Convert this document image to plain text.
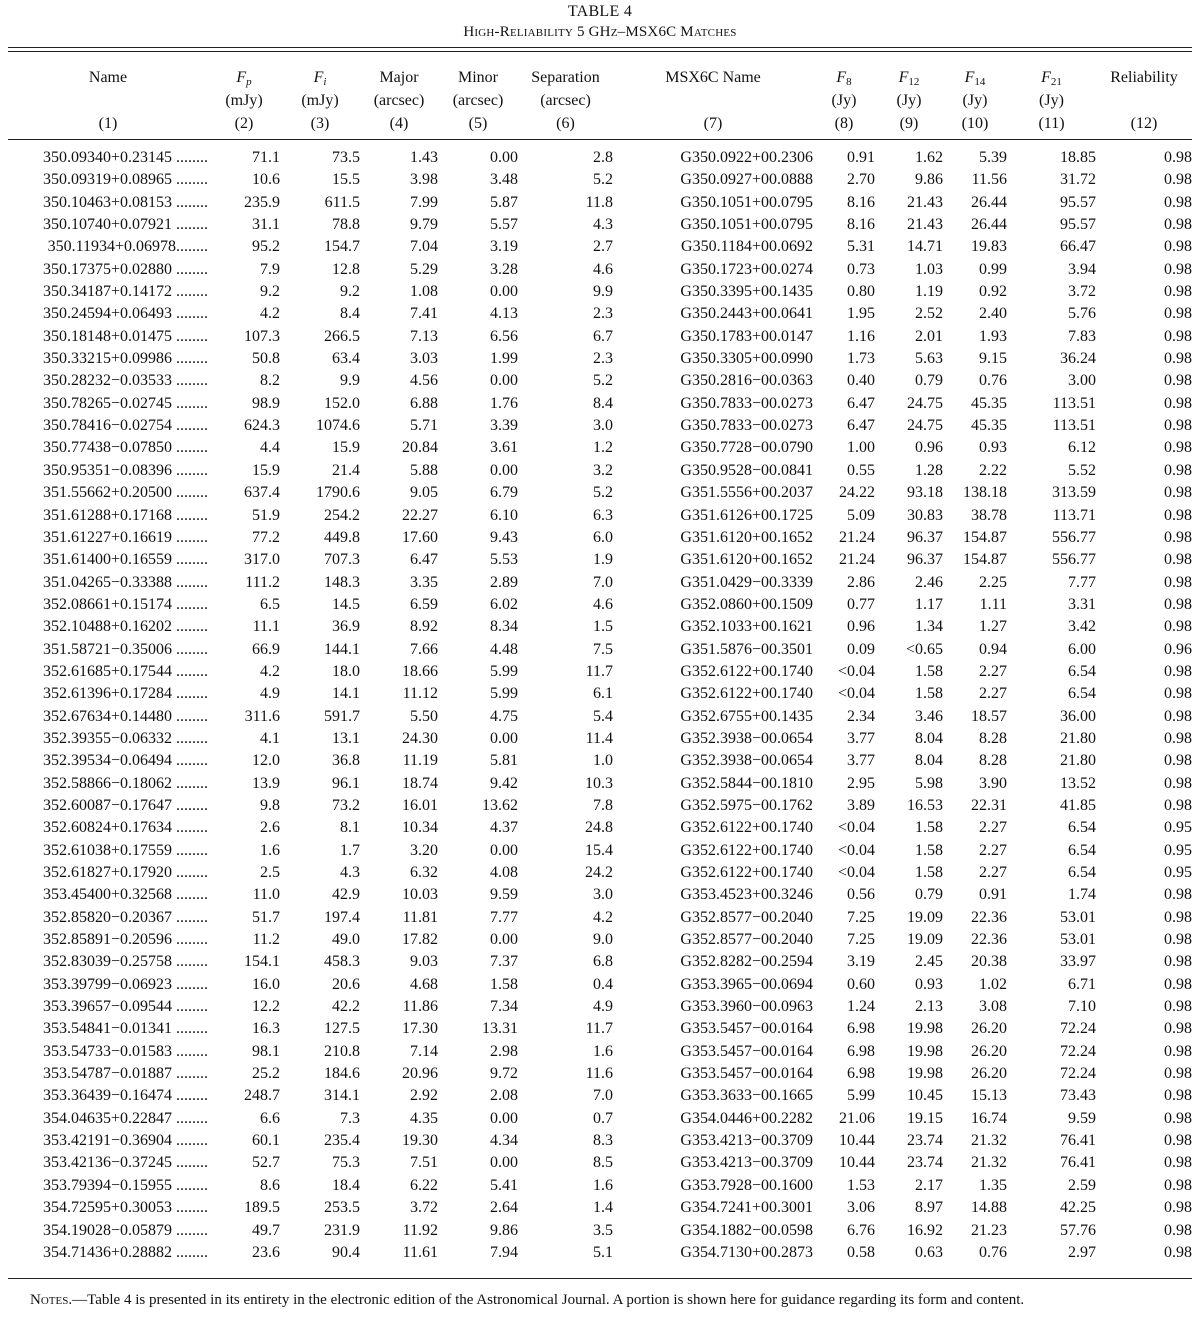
TABLE 4
High-Reliability 5 GHz–MSX6C Matches
Name	$F_p$	$F_i$	Major	Minor	Separation	MSX6C Name	$F_8$	$F_{12}$	$F_{14}$	$F_{21}$	Reliability
	(mJy)	(mJy)	(arcsec)	(arcsec)	(arcsec)		(Jy)	(Jy)	(Jy)	(Jy)	
(1)	(2)	(3)	(4)	(5)	(6)	(7)	(8)	(9)	(10)	(11)	(12)
350.09340+0.23145 ........	71.1	73.5	1.43	0.00	2.8	G350.0922+00.2306	0.91	1.62	5.39	18.85	0.98
350.09319+0.08965 ........	10.6	15.5	3.98	3.48	5.2	G350.0927+00.0888	2.70	9.86	11.56	31.72	0.98
350.10463+0.08153 ........	235.9	611.5	7.99	5.87	11.8	G350.1051+00.0795	8.16	21.43	26.44	95.57	0.98
350.10740+0.07921 ........	31.1	78.8	9.79	5.57	4.3	G350.1051+00.0795	8.16	21.43	26.44	95.57	0.98
350.11934+0.06978........	95.2	154.7	7.04	3.19	2.7	G350.1184+00.0692	5.31	14.71	19.83	66.47	0.98
350.17375+0.02880 ........	7.9	12.8	5.29	3.28	4.6	G350.1723+00.0274	0.73	1.03	0.99	3.94	0.98
350.34187+0.14172 ........	9.2	9.2	1.08	0.00	9.9	G350.3395+00.1435	0.80	1.19	0.92	3.72	0.98
350.24594+0.06493 ........	4.2	8.4	7.41	4.13	2.3	G350.2443+00.0641	1.95	2.52	2.40	5.76	0.98
350.18148+0.01475 ........	107.3	266.5	7.13	6.56	6.7	G350.1783+00.0147	1.16	2.01	1.93	7.83	0.98
350.33215+0.09986 ........	50.8	63.4	3.03	1.99	2.3	G350.3305+00.0990	1.73	5.63	9.15	36.24	0.98
350.28232−0.03533 ........	8.2	9.9	4.56	0.00	5.2	G350.2816−00.0363	0.40	0.79	0.76	3.00	0.98
350.78265−0.02745 ........	98.9	152.0	6.88	1.76	8.4	G350.7833−00.0273	6.47	24.75	45.35	113.51	0.98
350.78416−0.02754 ........	624.3	1074.6	5.71	3.39	3.0	G350.7833−00.0273	6.47	24.75	45.35	113.51	0.98
350.77438−0.07850 ........	4.4	15.9	20.84	3.61	1.2	G350.7728−00.0790	1.00	0.96	0.93	6.12	0.98
350.95351−0.08396 ........	15.9	21.4	5.88	0.00	3.2	G350.9528−00.0841	0.55	1.28	2.22	5.52	0.98
351.55662+0.20500 ........	637.4	1790.6	9.05	6.79	5.2	G351.5556+00.2037	24.22	93.18	138.18	313.59	0.98
351.61288+0.17168 ........	51.9	254.2	22.27	6.10	6.3	G351.6126+00.1725	5.09	30.83	38.78	113.71	0.98
351.61227+0.16619 ........	77.2	449.8	17.60	9.43	6.0	G351.6120+00.1652	21.24	96.37	154.87	556.77	0.98
351.61400+0.16559 ........	317.0	707.3	6.47	5.53	1.9	G351.6120+00.1652	21.24	96.37	154.87	556.77	0.98
351.04265−0.33388 ........	111.2	148.3	3.35	2.89	7.0	G351.0429−00.3339	2.86	2.46	2.25	7.77	0.98
352.08661+0.15174 ........	6.5	14.5	6.59	6.02	4.6	G352.0860+00.1509	0.77	1.17	1.11	3.31	0.98
352.10488+0.16202 ........	11.1	36.9	8.92	8.34	1.5	G352.1033+00.1621	0.96	1.34	1.27	3.42	0.98
351.58721−0.35006 ........	66.9	144.1	7.66	4.48	7.5	G351.5876−00.3501	0.09	<0.65	0.94	6.00	0.96
352.61685+0.17544 ........	4.2	18.0	18.66	5.99	11.7	G352.6122+00.1740	<0.04	1.58	2.27	6.54	0.98
352.61396+0.17284 ........	4.9	14.1	11.12	5.99	6.1	G352.6122+00.1740	<0.04	1.58	2.27	6.54	0.98
352.67634+0.14480 ........	311.6	591.7	5.50	4.75	5.4	G352.6755+00.1435	2.34	3.46	18.57	36.00	0.98
352.39355−0.06332 ........	4.1	13.1	24.30	0.00	11.4	G352.3938−00.0654	3.77	8.04	8.28	21.80	0.98
352.39534−0.06494 ........	12.0	36.8	11.19	5.81	1.0	G352.3938−00.0654	3.77	8.04	8.28	21.80	0.98
352.58866−0.18062 ........	13.9	96.1	18.74	9.42	10.3	G352.5844−00.1810	2.95	5.98	3.90	13.52	0.98
352.60087−0.17647 ........	9.8	73.2	16.01	13.62	7.8	G352.5975−00.1762	3.89	16.53	22.31	41.85	0.98
352.60824+0.17634 ........	2.6	8.1	10.34	4.37	24.8	G352.6122+00.1740	<0.04	1.58	2.27	6.54	0.95
352.61038+0.17559 ........	1.6	1.7	3.20	0.00	15.4	G352.6122+00.1740	<0.04	1.58	2.27	6.54	0.95
352.61827+0.17920 ........	2.5	4.3	6.32	4.08	24.2	G352.6122+00.1740	<0.04	1.58	2.27	6.54	0.95
353.45400+0.32568 ........	11.0	42.9	10.03	9.59	3.0	G353.4523+00.3246	0.56	0.79	0.91	1.74	0.98
352.85820−0.20367 ........	51.7	197.4	11.81	7.77	4.2	G352.8577−00.2040	7.25	19.09	22.36	53.01	0.98
352.85891−0.20596 ........	11.2	49.0	17.82	0.00	9.0	G352.8577−00.2040	7.25	19.09	22.36	53.01	0.98
352.83039−0.25758 ........	154.1	458.3	9.03	7.37	6.8	G352.8282−00.2594	3.19	2.45	20.38	33.97	0.98
353.39799−0.06923 ........	16.0	20.6	4.68	1.58	0.4	G353.3965−00.0694	0.60	0.93	1.02	6.71	0.98
353.39657−0.09544 ........	12.2	42.2	11.86	7.34	4.9	G353.3960−00.0963	1.24	2.13	3.08	7.10	0.98
353.54841−0.01341 ........	16.3	127.5	17.30	13.31	11.7	G353.5457−00.0164	6.98	19.98	26.20	72.24	0.98
353.54733−0.01583 ........	98.1	210.8	7.14	2.98	1.6	G353.5457−00.0164	6.98	19.98	26.20	72.24	0.98
353.54787−0.01887 ........	25.2	184.6	20.96	9.72	11.6	G353.5457−00.0164	6.98	19.98	26.20	72.24	0.98
353.36439−0.16474 ........	248.7	314.1	2.92	2.08	7.0	G353.3633−00.1665	5.99	10.45	15.13	73.43	0.98
354.04635+0.22847 ........	6.6	7.3	4.35	0.00	0.7	G354.0446+00.2282	21.06	19.15	16.74	9.59	0.98
353.42191−0.36904 ........	60.1	235.4	19.30	4.34	8.3	G353.4213−00.3709	10.44	23.74	21.32	76.41	0.98
353.42136−0.37245 ........	52.7	75.3	7.51	0.00	8.5	G353.4213−00.3709	10.44	23.74	21.32	76.41	0.98
353.79394−0.15955 ........	8.6	18.4	6.22	5.41	1.6	G353.7928−00.1600	1.53	2.17	1.35	2.59	0.98
354.72595+0.30053 ........	189.5	253.5	3.72	2.64	1.4	G354.7241+00.3001	3.06	8.97	14.88	42.25	0.98
354.19028−0.05879 ........	49.7	231.9	11.92	9.86	3.5	G354.1882−00.0598	6.76	16.92	21.23	57.76	0.98
354.71436+0.28882 ........	23.6	90.4	11.61	7.94	5.1	G354.7130+00.2873	0.58	0.63	0.76	2.97	0.98
Notes.—Table 4 is presented in its entirety in the electronic edition of the Astronomical Journal. A portion is shown here for guidance regarding its form and content.
